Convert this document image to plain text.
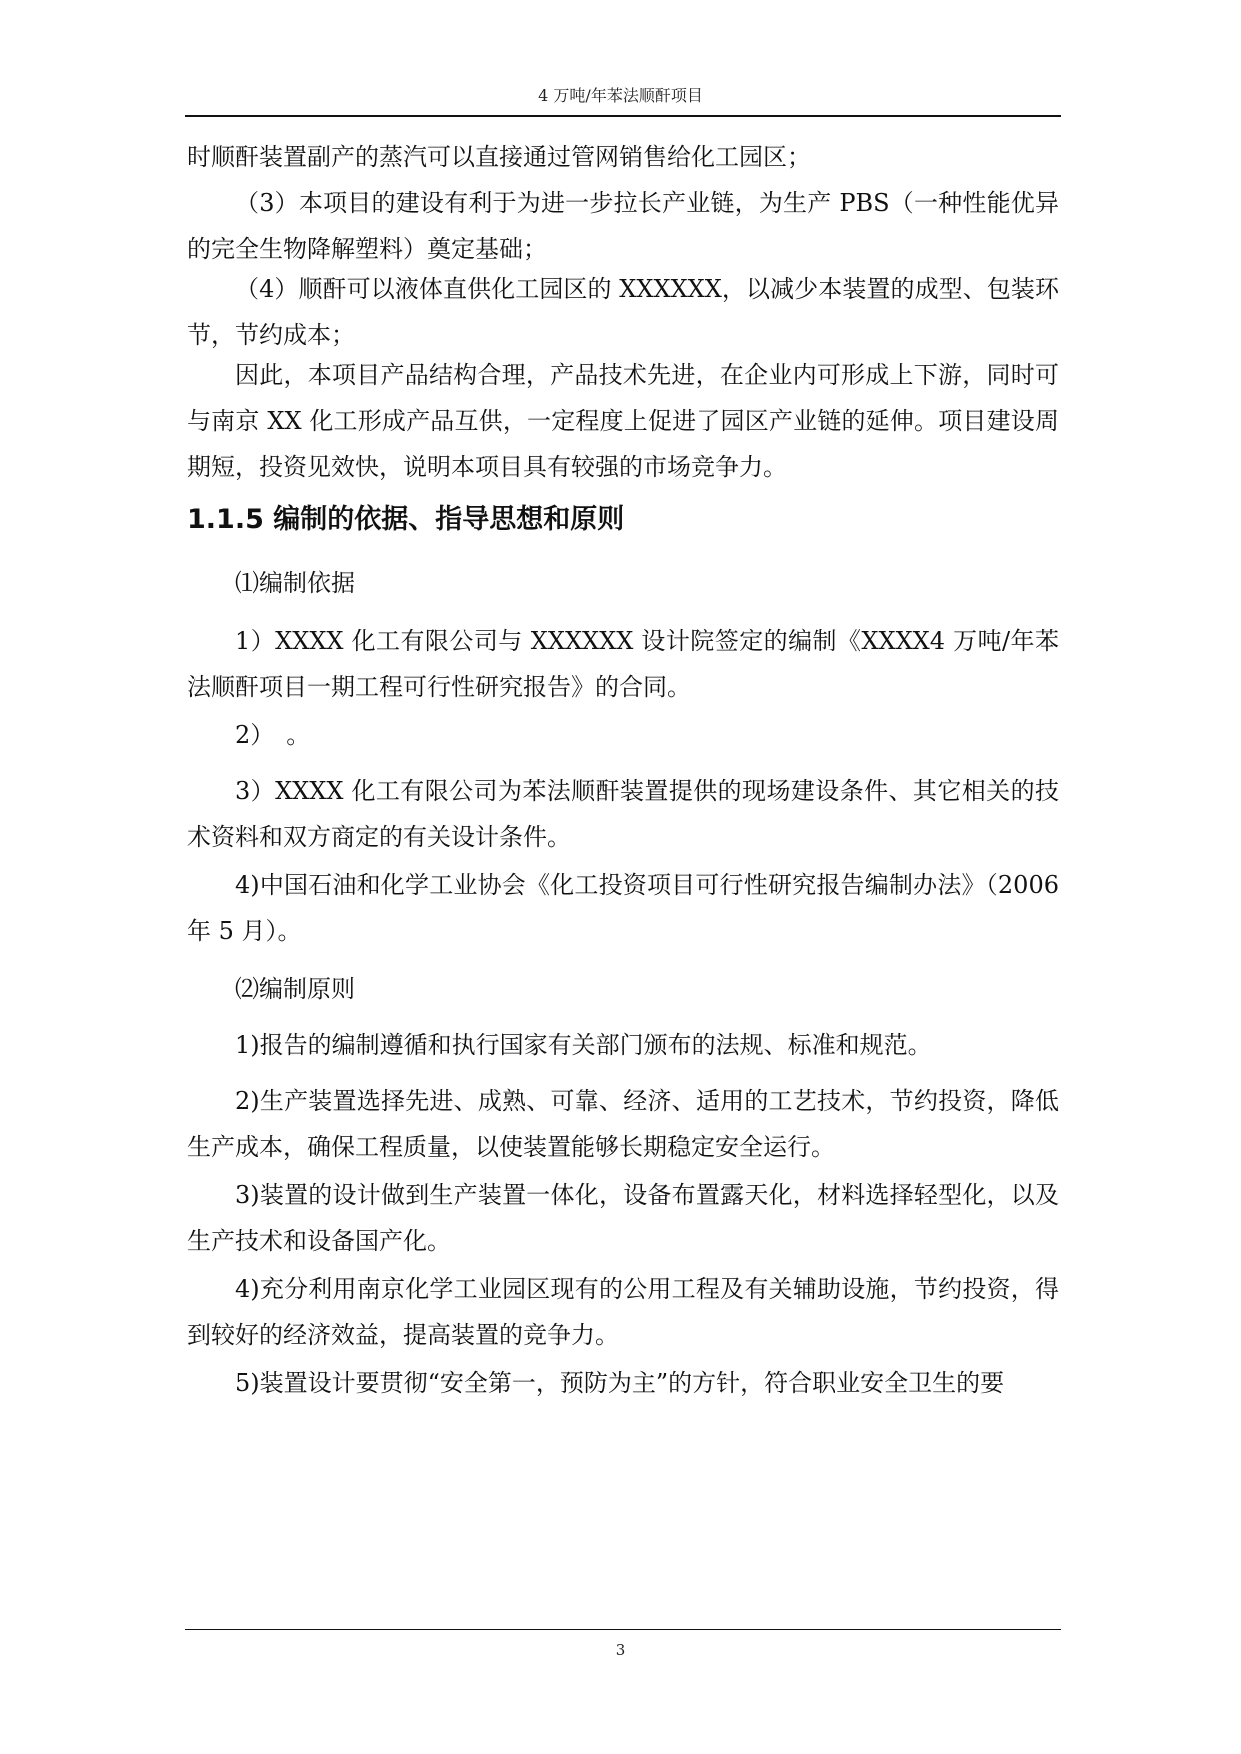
4 万吨/年苯法顺酐项目

时顺酐装置副产的蒸汽可以直接通过管网销售给化工园区；

（3）本项目的建设有利于为进一步拉长产业链，为生产 PBS（一种性能优异的完全生物降解塑料）奠定基础；

（4）顺酐可以液体直供化工园区的 XXXXXX，以减少本装置的成型、包装环节，节约成本；

因此，本项目产品结构合理，产品技术先进，在企业内可形成上下游，同时可与南京 XX 化工形成产品互供，一定程度上促进了园区产业链的延伸。项目建设周期短，投资见效快，说明本项目具有较强的市场竞争力。

1.1.5 编制的依据、指导思想和原则

⑴编制依据

1）XXXX 化工有限公司与 XXXXXX 设计院签定的编制《XXXX4 万吨/年苯法顺酐项目一期工程可行性研究报告》的合同。

2）　。

3）XXXX 化工有限公司为苯法顺酐装置提供的现场建设条件、其它相关的技术资料和双方商定的有关设计条件。

4)中国石油和化学工业协会《化工投资项目可行性研究报告编制办法》（2006 年 5 月）。

⑵编制原则

1)报告的编制遵循和执行国家有关部门颁布的法规、标准和规范。

2)生产装置选择先进、成熟、可靠、经济、适用的工艺技术，节约投资，降低生产成本，确保工程质量，以使装置能够长期稳定安全运行。

3)装置的设计做到生产装置一体化，设备布置露天化，材料选择轻型化，以及生产技术和设备国产化。

4)充分利用南京化学工业园区现有的公用工程及有关辅助设施，节约投资，得到较好的经济效益，提高装置的竞争力。

5)装置设计要贯彻“安全第一，预防为主”的方针，符合职业安全卫生的要

3
